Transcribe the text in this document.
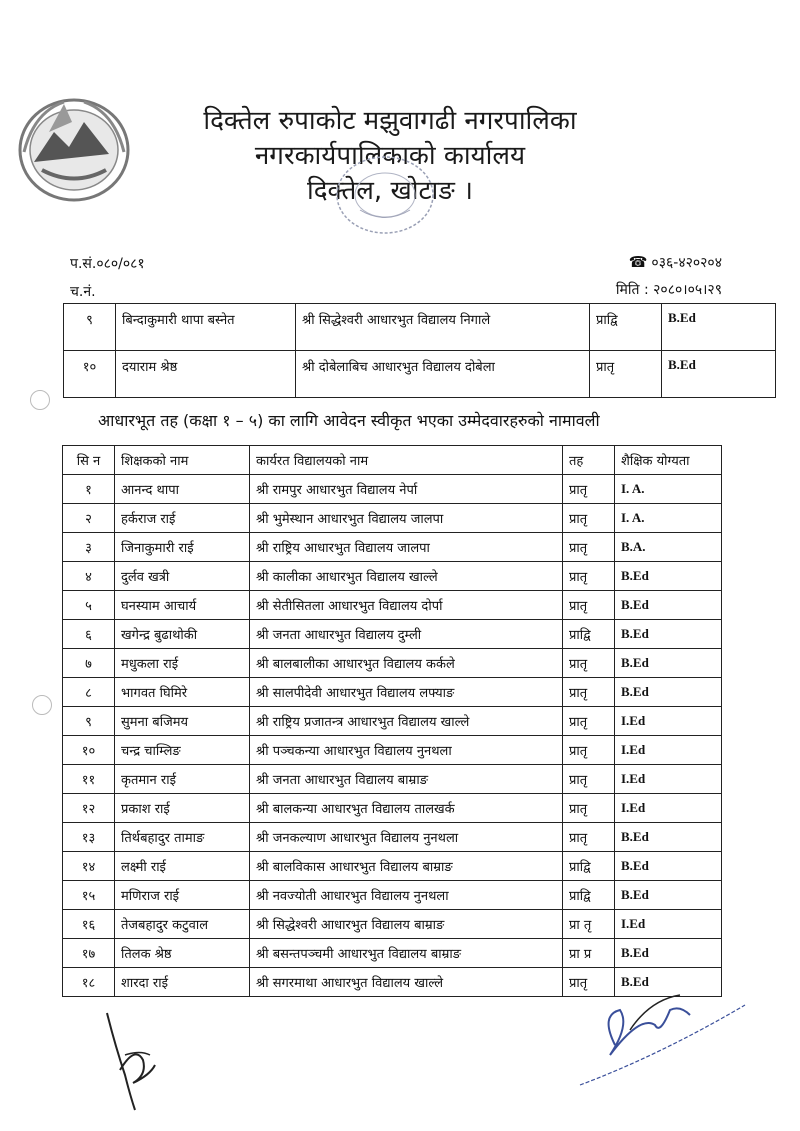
दिक्तेल रुपाकोट मझुवागढी नगरपालिका
नगरकार्यपालिकाको कार्यालय
दिक्तेल, खोटाङ ।
प.सं.०८०/०८१
च.नं.
☎ ०३६-४२०२०४
मिति : २०८०।०५।२९
९	बिन्दाकुमारी थापा बस्नेत	श्री सिद्धेश्वरी आधारभुत विद्यालय निगाले	प्राद्वि	B.Ed
१०	दयाराम श्रेष्ठ	श्री दोबेलाबिच आधारभुत विद्यालय दोबेला	प्रातृ	B.Ed
आधारभूत तह (कक्षा १ – ५) का लागि आवेदन स्वीकृत भएका उम्मेदवारहरुको नामावली
सि न	शिक्षकको नाम	कार्यरत विद्यालयको नाम	तह	शैक्षिक योग्यता
१	आनन्द थापा	श्री रामपुर आधारभुत विद्यालय नेर्पा	प्रातृ	I. A.
२	हर्कराज राई	श्री भुमेस्थान आधारभुत विद्यालय जालपा	प्रातृ	I. A.
३	जिनाकुमारी राई	श्री राष्ट्रिय आधारभुत विद्यालय जालपा	प्रातृ	B.A.
४	दुर्लव खत्री	श्री कालीका आधारभुत विद्यालय खाल्ले	प्रातृ	B.Ed
५	घनस्याम आचार्य	श्री सेतीसितला आधारभुत विद्यालय दोर्पा	प्रातृ	B.Ed
६	खगेन्द्र बुढाथोकी	श्री जनता आधारभुत विद्यालय दुम्ली	प्राद्वि	B.Ed
७	मधुकला राई	श्री बालबालीका आधारभुत विद्यालय कर्कले	प्रातृ	B.Ed
८	भागवत घिमिरे	श्री सालपीदेवी आधारभुत विद्यालय लफ्याङ	प्रातृ	B.Ed
९	सुमना बजिमय	श्री राष्ट्रिय प्रजातन्त्र आधारभुत विद्यालय खाल्ले	प्रातृ	I.Ed
१०	चन्द्र चाम्लिङ	श्री पञ्चकन्या आधारभुत विद्यालय नुनथला	प्रातृ	I.Ed
११	कृतमान राई	श्री जनता आधारभुत विद्यालय बाम्राङ	प्रातृ	I.Ed
१२	प्रकाश राई	श्री बालकन्या आधारभुत विद्यालय तालखर्क	प्रातृ	I.Ed
१३	तिर्थबहादुर तामाङ	श्री जनकल्याण आधारभुत विद्यालय नुनथला	प्रातृ	B.Ed
१४	लक्ष्मी राई	श्री बालविकास आधारभुत विद्यालय बाम्राङ	प्राद्वि	B.Ed
१५	मणिराज राई	श्री नवज्योती आधारभुत विद्यालय नुनथला	प्राद्वि	B.Ed
१६	तेजबहादुर कटुवाल	श्री सिद्धेश्वरी आधारभुत विद्यालय बाम्राङ	प्रा तृ	I.Ed
१७	तिलक श्रेष्ठ	श्री बसन्तपञ्चमी आधारभुत विद्यालय बाम्राङ	प्रा प्र	B.Ed
१८	शारदा राई	श्री सगरमाथा आधारभुत विद्यालय खाल्ले	प्रातृ	B.Ed
